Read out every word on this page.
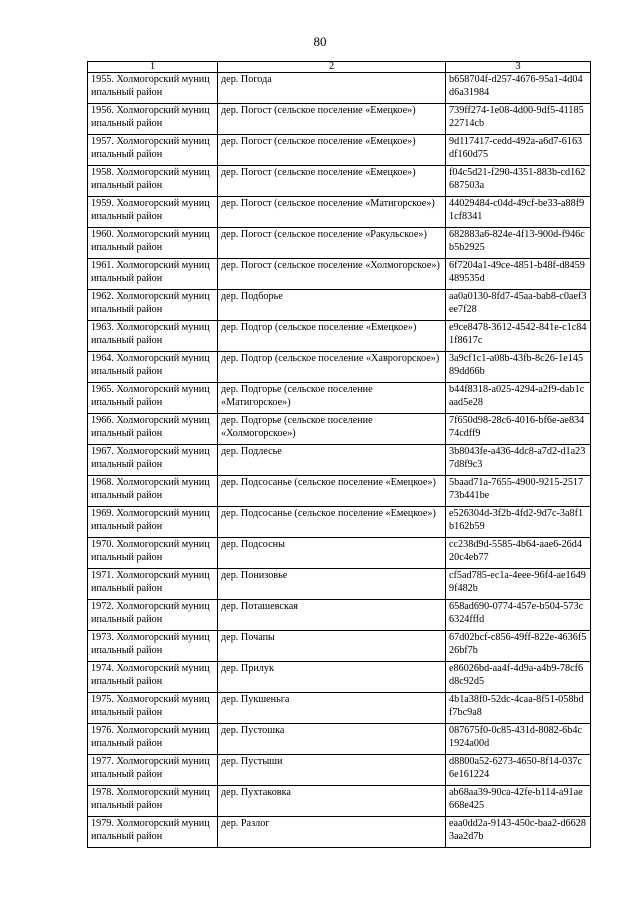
80
1	2	3

1955. Холмогорский муниципальный район	дер. Погода	b658704f-d257-4676-95a1-4d04d6a31984

1956. Холмогорский муниципальный район	дер. Погост (сельское поселение «Емецкое»)	739ff274-1e08-4d00-9df5-4118522714cb

1957. Холмогорский муниципальный район	дер. Погост (сельское поселение «Емецкое»)	9d117417-cedd-492a-a6d7-6163df160d75

1958. Холмогорский муниципальный район	дер. Погост (сельское поселение «Емецкое»)	f04c5d21-f290-4351-883b-cd162687503a

1959. Холмогорский муниципальный район	дер. Погост (сельское поселение «Матигорское»)	44029484-c04d-49cf-be33-a88f91cf8341

1960. Холмогорский муниципальный район	дер. Погост (сельское поселение «Ракульское»)	682883a6-824e-4f13-900d-f946cb5b2925

1961. Холмогорский муниципальный район	дер. Погост (сельское поселение «Холмогорское»)	6f7204a1-49ce-4851-b48f-d8459489535d

1962. Холмогорский муниципальный район	дер. Подборье	aa0a0130-8fd7-45aa-bab8-c0aef3ee7f28

1963. Холмогорский муниципальный район	дер. Подгор (сельское поселение «Емецкое»)	e9ce8478-3612-4542-841e-c1c841f8617c

1964. Холмогорский муниципальный район	дер. Подгор (сельское поселение «Хаврогорское»)	3a9cf1c1-a08b-43fb-8c26-1e14589dd66b

1965. Холмогорский муниципальный район	дер. Подгорье (сельское поселение «Матигорское»)	b44f8318-a025-4294-a2f9-dab1caad5e28

1966. Холмогорский муниципальный район	дер. Подгорье (сельское поселение «Холмогорское»)	7f650d98-28c6-4016-bf6e-ae83474cdff9

1967. Холмогорский муниципальный район	дер. Подлесье	3b8043fe-a436-4dc8-a7d2-d1a237d8f9c3

1968. Холмогорский муниципальный район	дер. Подсосанье (сельское поселение «Емецкое»)	5baad71a-7655-4900-9215-251773b441be

1969. Холмогорский муниципальный район	дер. Подсосанье (сельское поселение «Емецкое»)	e526304d-3f2b-4fd2-9d7c-3a8f1b162b59

1970. Холмогорский муниципальный район	дер. Подсосны	cc238d9d-5585-4b64-aae6-26d420c4eb77

1971. Холмогорский муниципальный район	дер. Понизовье	cf5ad785-ec1a-4eee-96f4-ae16499f482b

1972. Холмогорский муниципальный район	дер. Поташевская	658ad690-0774-457e-b504-573c6324fffd

1973. Холмогорский муниципальный район	дер. Почапы	67d02bcf-c856-49ff-822e-4636f526bf7b

1974. Холмогорский муниципальный район	дер. Прилук	e86026bd-aa4f-4d9a-a4b9-78cf6d8c92d5

1975. Холмогорский муниципальный район	дер. Пукшеньга	4b1a38f0-52dc-4caa-8f51-058bdf7bc9a8

1976. Холмогорский муниципальный район	дер. Пустошка	087675f0-0c85-431d-8082-6b4c1924a00d

1977. Холмогорский муниципальный район	дер. Пустыши	d8800a52-6273-4650-8f14-037c6e161224

1978. Холмогорский муниципальный район	дер. Пухтаковка	ab68aa39-90ca-42fe-b114-a91ae668e425

1979. Холмогорский муниципальный район	дер. Разлог	eaa0dd2a-9143-450c-baa2-d66283aa2d7b
